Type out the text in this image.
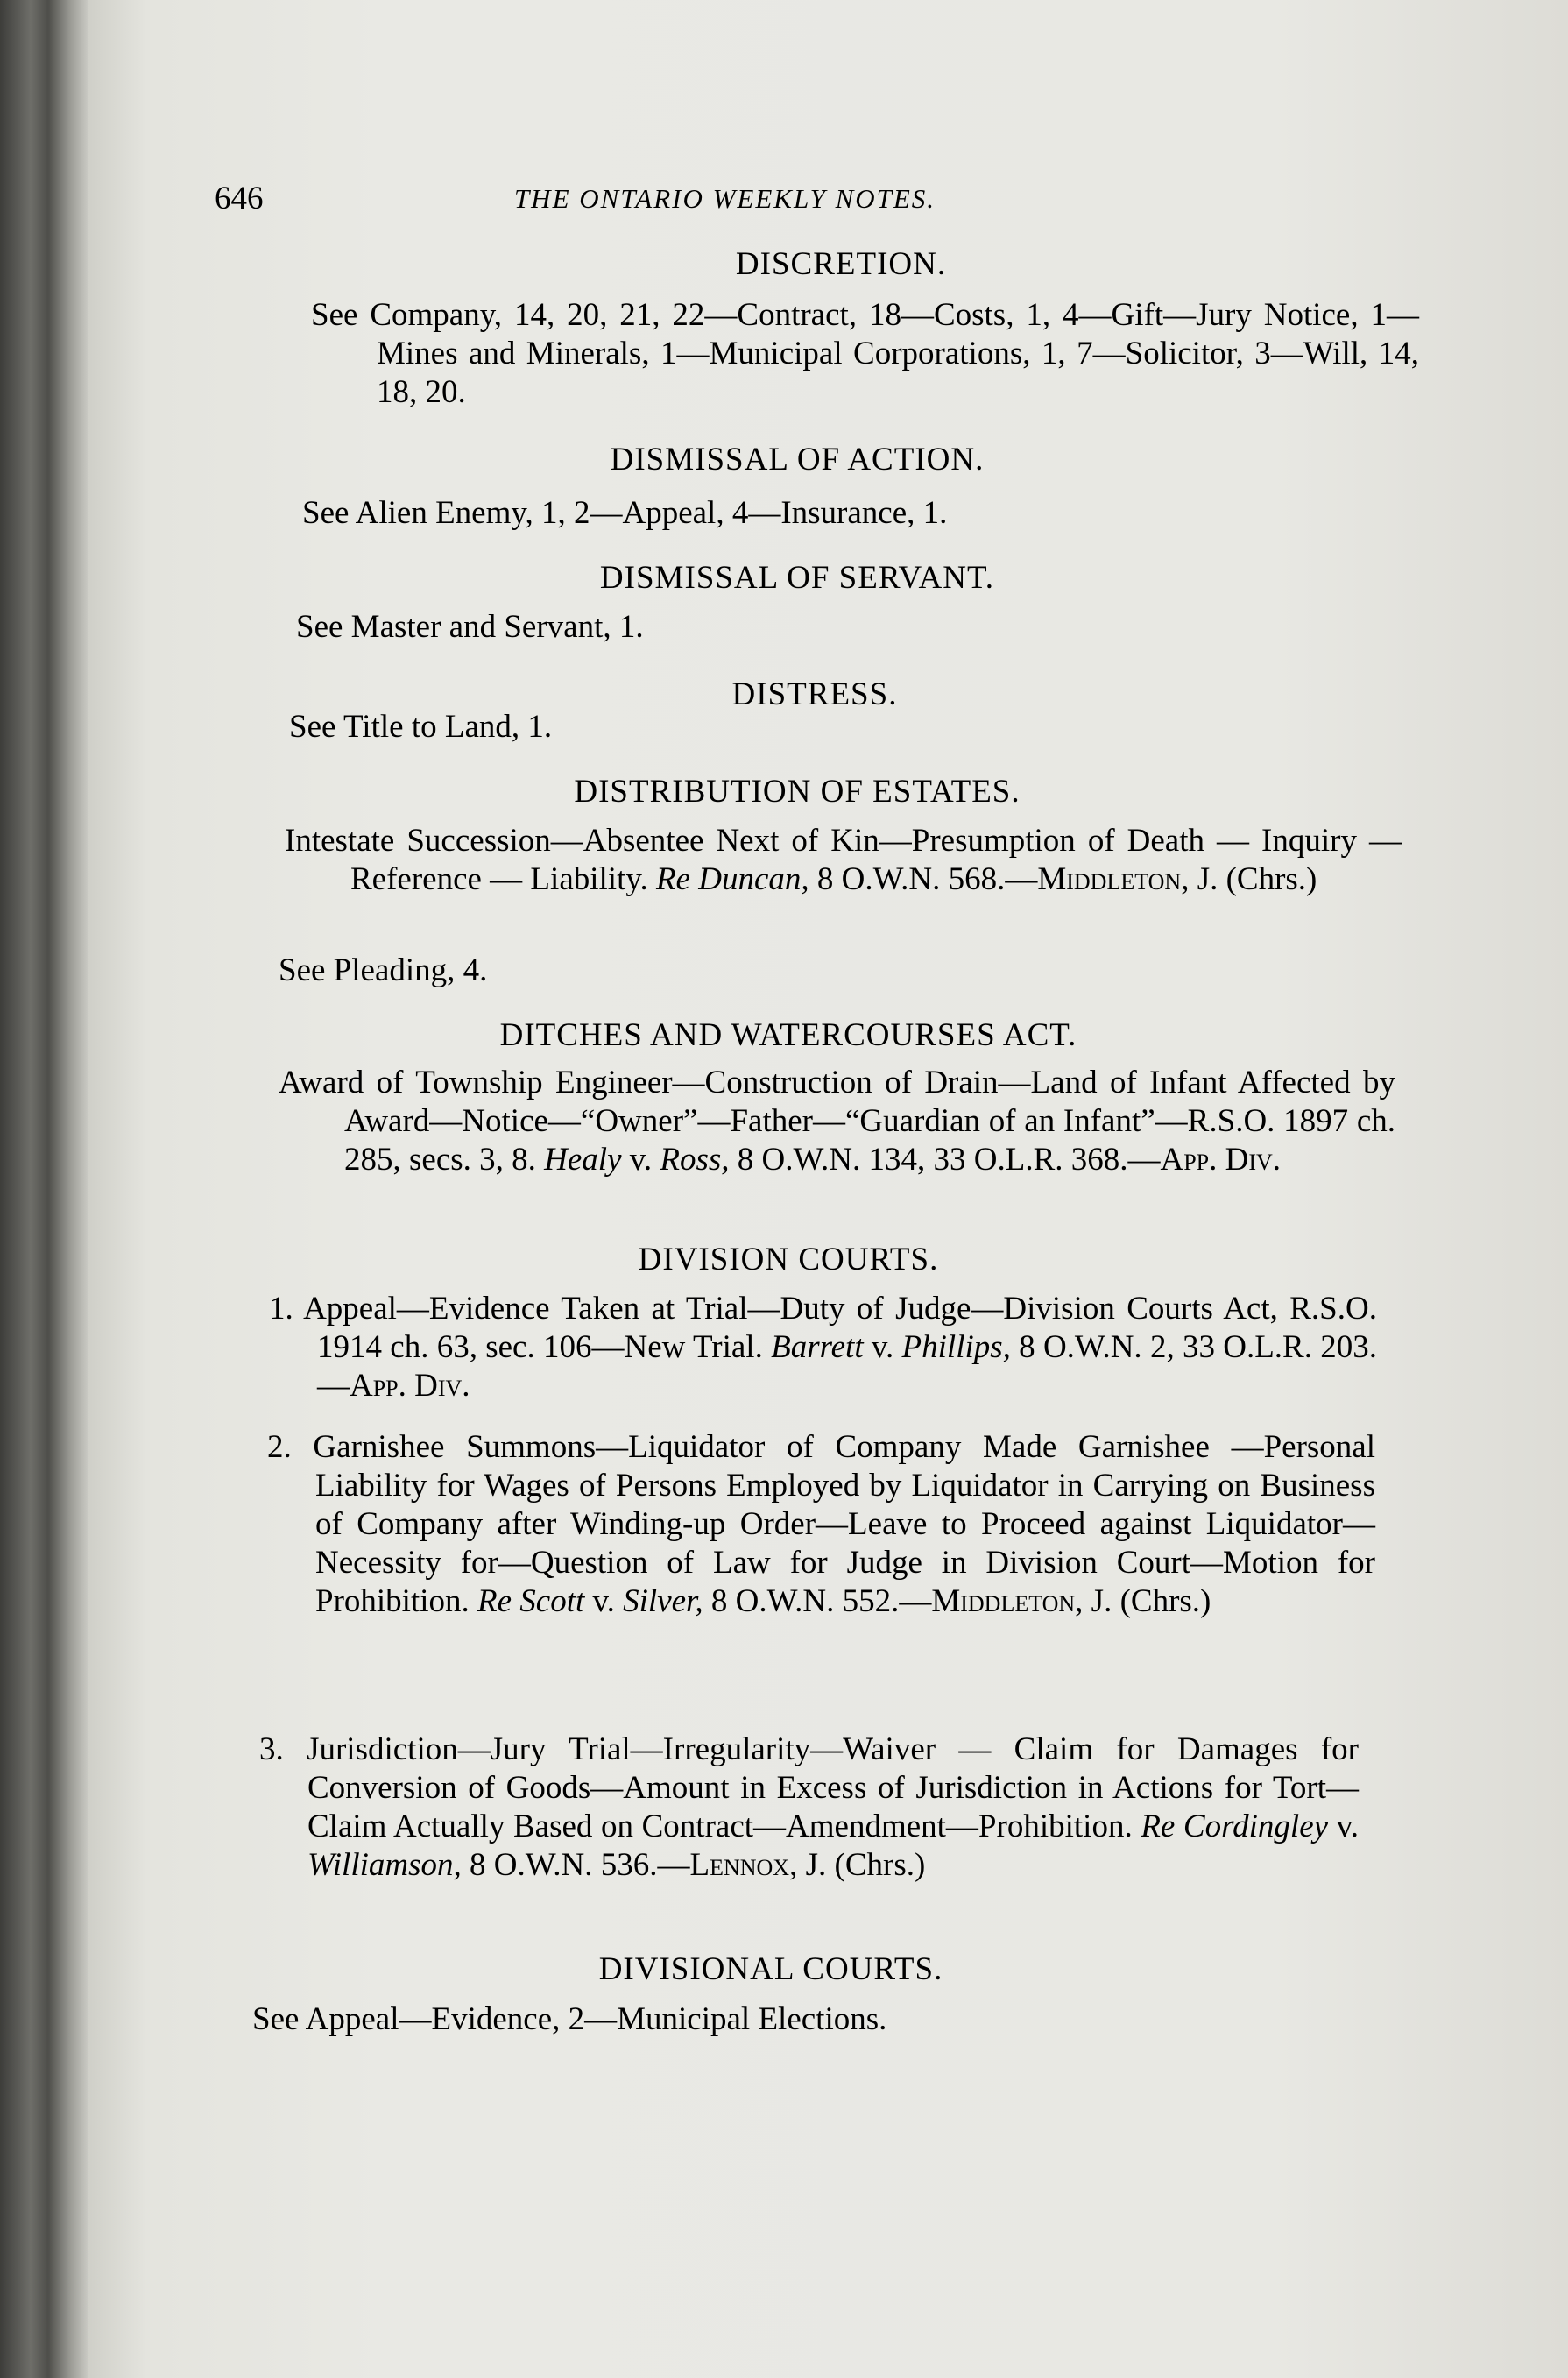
646	THE ONTARIO WEEKLY NOTES.
DISCRETION.
See Company, 14, 20, 21, 22—Contract, 18—Costs, 1, 4—Gift—Jury Notice, 1—Mines and Minerals, 1—Municipal Corporations, 1, 7—Solicitor, 3—Will, 14, 18, 20.
DISMISSAL OF ACTION.
See Alien Enemy, 1, 2—Appeal, 4—Insurance, 1.
DISMISSAL OF SERVANT.
See Master and Servant, 1.
DISTRESS.
See Title to Land, 1.
DISTRIBUTION OF ESTATES.
Intestate Succession—Absentee Next of Kin—Presumption of Death — Inquiry — Reference — Liability. Re Duncan, 8 O.W.N. 568.—Middleton, J. (Chrs.)
See Pleading, 4.
DITCHES AND WATERCOURSES ACT.
Award of Township Engineer—Construction of Drain—Land of Infant Affected by Award—Notice—“Owner”—Father—“Guardian of an Infant”—R.S.O. 1897 ch. 285, secs. 3, 8. Healy v. Ross, 8 O.W.N. 134, 33 O.L.R. 368.—App. Div.
DIVISION COURTS.
1. Appeal—Evidence Taken at Trial—Duty of Judge—Division Courts Act, R.S.O. 1914 ch. 63, sec. 106—New Trial. Barrett v. Phillips, 8 O.W.N. 2, 33 O.L.R. 203.—App. Div.
2. Garnishee Summons—Liquidator of Company Made Garnishee —Personal Liability for Wages of Persons Employed by Liquidator in Carrying on Business of Company after Winding-up Order—Leave to Proceed against Liquidator—Necessity for—Question of Law for Judge in Division Court—Motion for Prohibition. Re Scott v. Silver, 8 O.W.N. 552.—Middleton, J. (Chrs.)
3. Jurisdiction—Jury Trial—Irregularity—Waiver — Claim for Damages for Conversion of Goods—Amount in Excess of Jurisdiction in Actions for Tort—Claim Actually Based on Contract—Amendment—Prohibition. Re Cordingley v. Williamson, 8 O.W.N. 536.—Lennox, J. (Chrs.)
DIVISIONAL COURTS.
See Appeal—Evidence, 2—Municipal Elections.
